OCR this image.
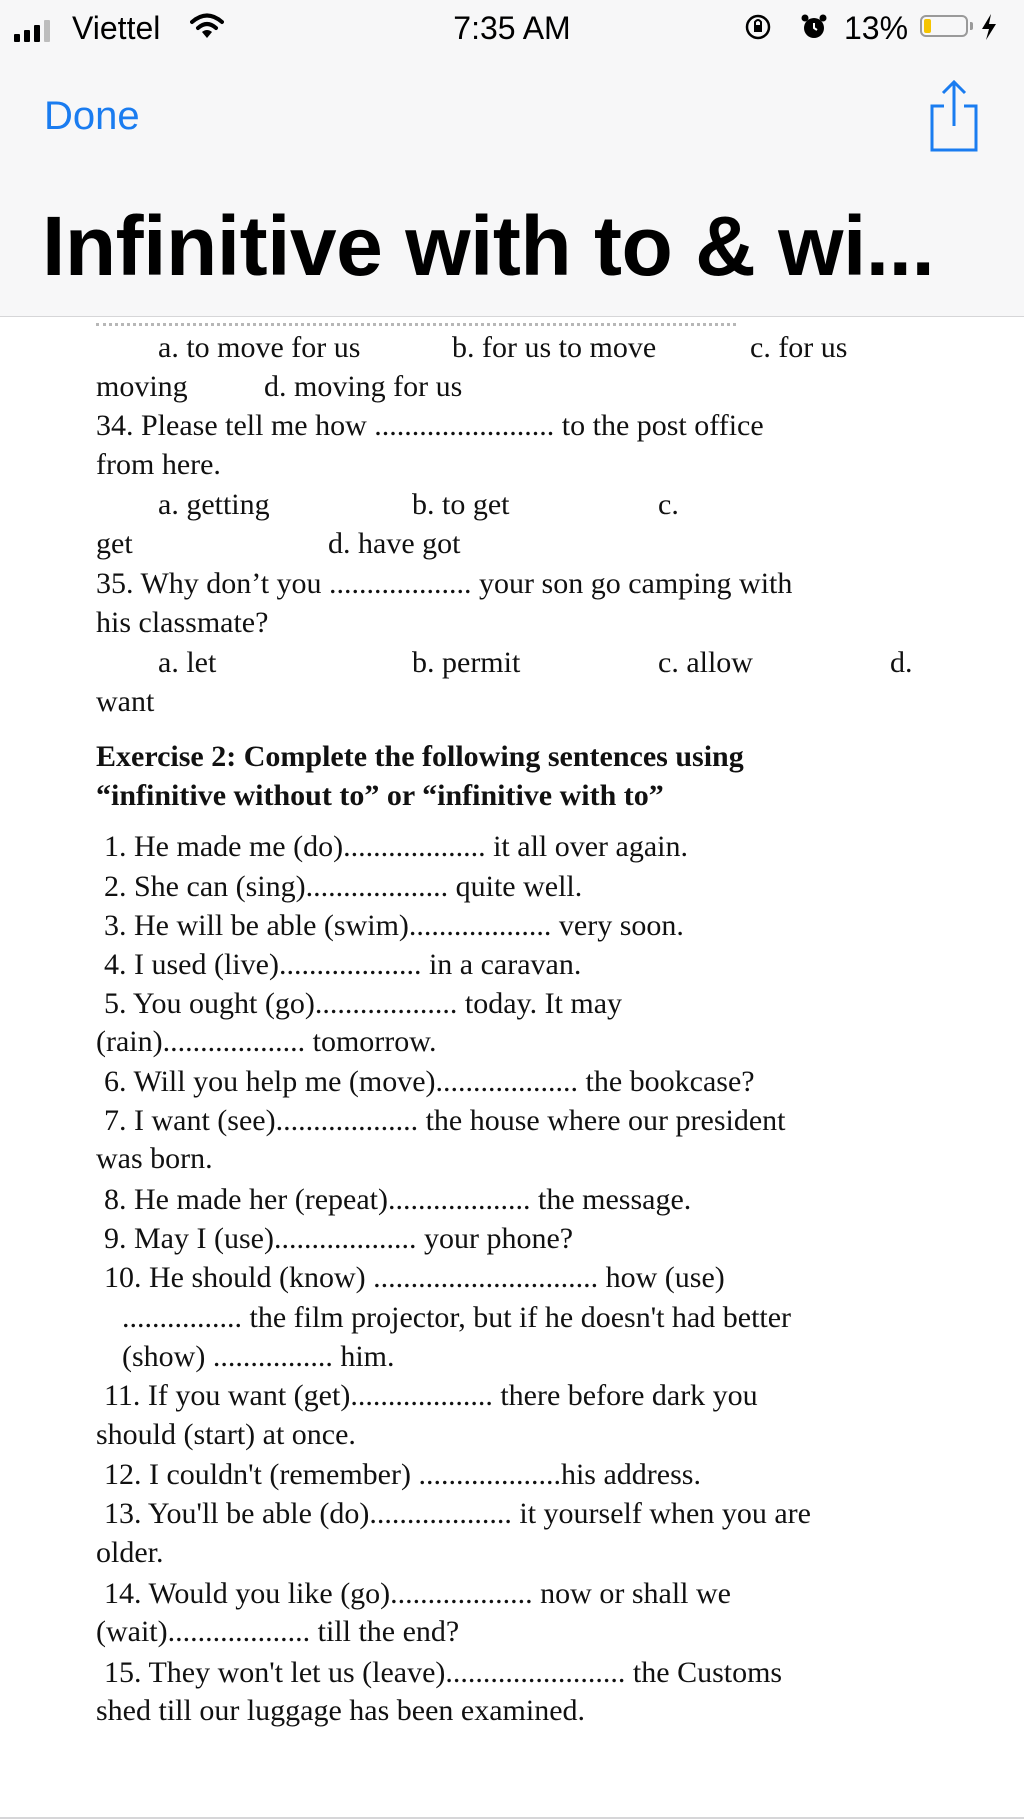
Viettel	7:35 AM	13%
Done
Infinitive with to & wi...
a. to move for us	b. for us to move	c. for us
moving	d. moving for us
34. Please tell me how ........................ to the post office
from here.
a. getting	b. to get	c.
get	d. have got
35. Why don’t you ................... your son go camping with
his classmate?
a. let	b. permit	c. allow	d.
want
Exercise 2: Complete the following sentences using
“infinitive without to” or “infinitive with to”
1. He made me (do)................... it all over again.
2. She can (sing)................... quite well.
3. He will be able (swim)................... very soon.
4. I used (live)................... in a caravan.
5. You ought (go)................... today. It may
(rain)................... tomorrow.
6. Will you help me (move)................... the bookcase?
7. I want (see)................... the house where our president
was born.
8. He made her (repeat)................... the message.
9. May I (use)................... your phone?
10. He should (know) .............................. how (use)
................ the film projector, but if he doesn't had better
(show) ................ him.
11. If you want (get)................... there before dark you
should (start) at once.
12. I couldn't (remember) ...................his address.
13. You'll be able (do)................... it yourself when you are
older.
14. Would you like (go)................... now or shall we
(wait)................... till the end?
15. They won't let us (leave)........................ the Customs
shed till our luggage has been examined.
